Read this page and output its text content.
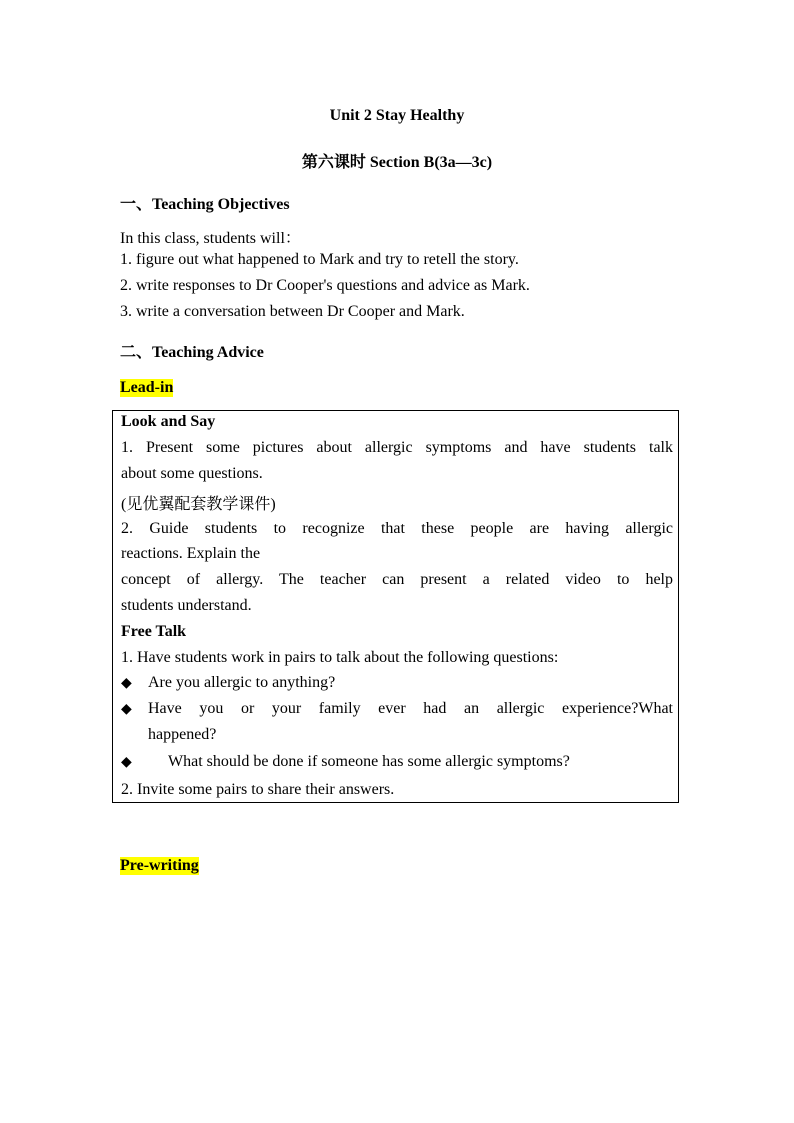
Unit 2 Stay Healthy
第六课时 Section B(3a—3c)
一、Teaching Objectives
In this class, students will：
1. figure out what happened to Mark and try to retell the story.
2. write responses to Dr Cooper's questions and advice as Mark.
3. write a conversation between Dr Cooper and Mark.
二、Teaching Advice
Lead-in
Look and Say
1. Present some pictures about allergic symptoms and have students talk
about some questions.
(见优翼配套教学课件)
2. Guide students to recognize that these people are having allergic
reactions. Explain the
concept of allergy. The teacher can present a related video to help
students understand.
Free Talk
1. Have students work in pairs to talk about the following questions:
◆ Are you allergic to anything?
◆ Have you or your family ever had an allergic experience?What
happened?
◆ What should be done if someone has some allergic symptoms?
2. Invite some pairs to share their answers.
Pre-writing
